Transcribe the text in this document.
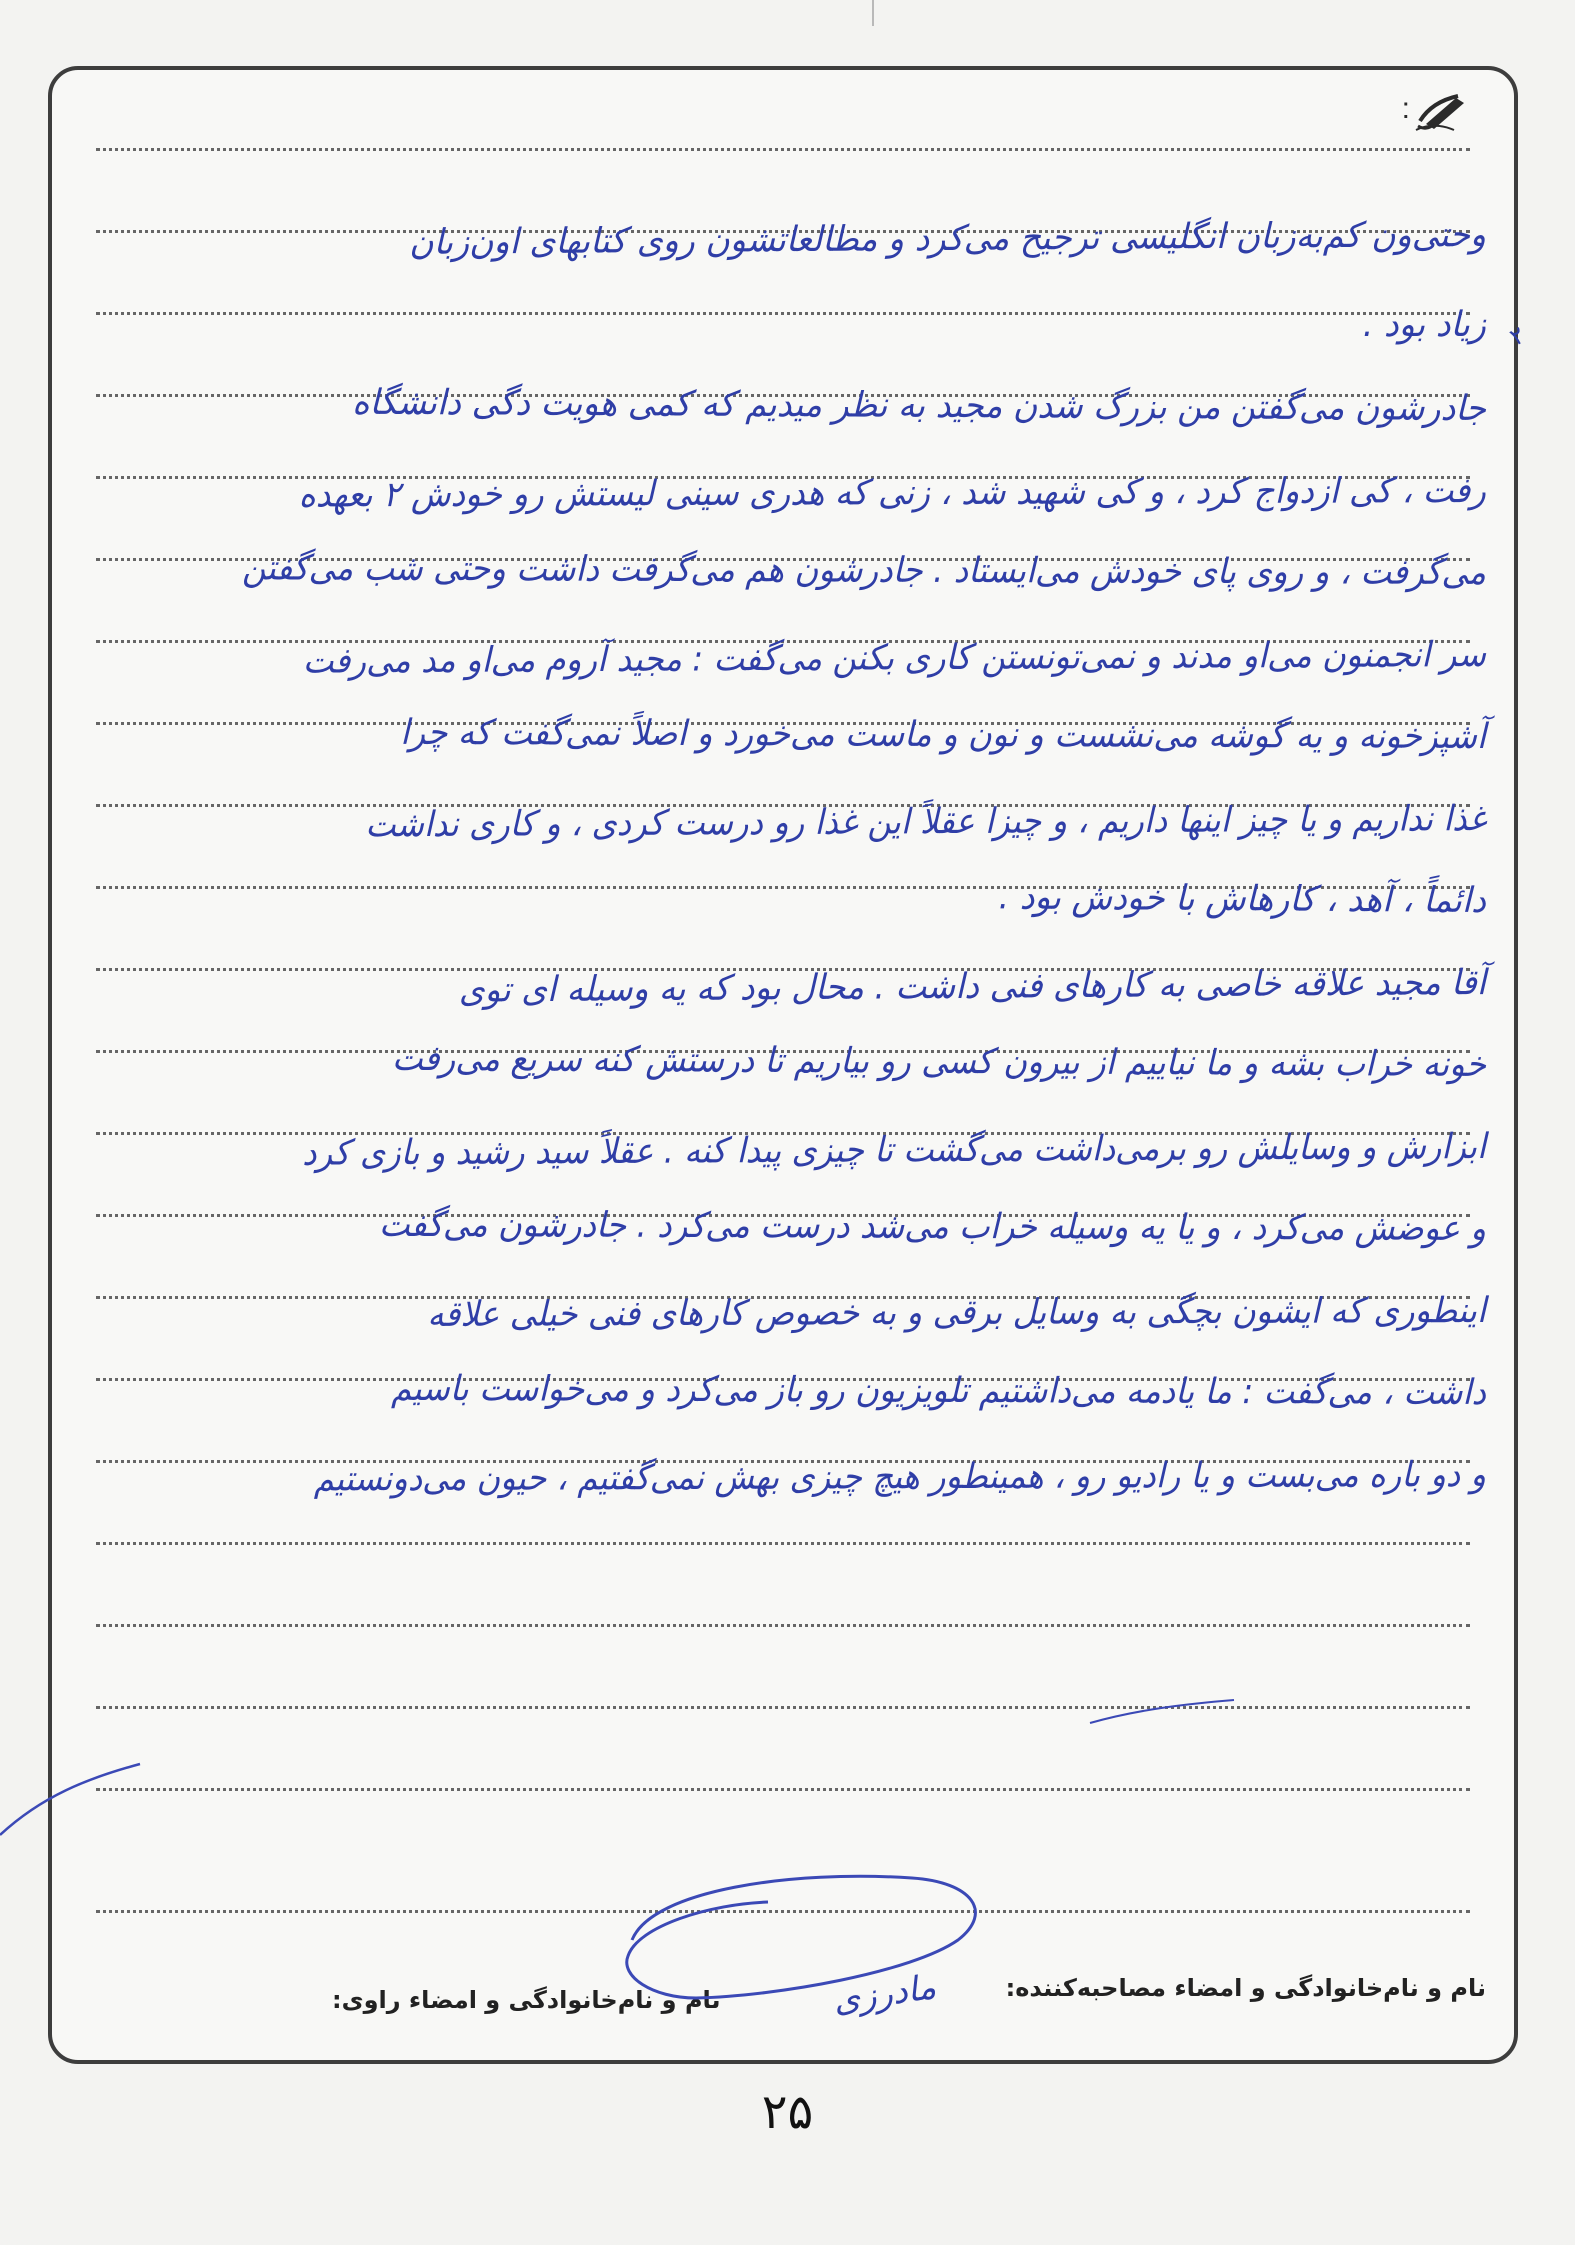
:
۲
وحتی‌ون کم‌به‌زبان انگلیسی ترجیح می‌کرد و مطالعاتشون روی کتابهای اون‌زبان
زیاد بود .
جادرشون می‌گفتن من بزرگ شدن مجید به نظر میدیم که کمی هویت دگی دانشگاه
رفت ، کی ازدواج کرد ، و کی شهید شد ، زنی که هدری سینی لیستش رو خودش ۲ بعهده
می‌گرفت ، و روی پای خودش می‌ایستاد . جادرشون هم می‌گرفت داشت وحتی شب می‌گفتن
سر انجمنون می‌او مدند و نمی‌تونستن کاری بکنن می‌گفت : مجید آروم می‌او مد می‌رفت
آشپزخونه و یه گوشه می‌نشست و نون و ماست می‌خورد و اصلاً نمی‌گفت که چرا
غذا نداریم و یا چیز اینها داریم ، و چیزا عقلاً این غذا رو درست کردی ، و کاری نداشت
دائماً ، آهد ، کارهاش با خودش بود .
آقا مجید علاقه خاصی به کارهای فنی داشت . محال بود که یه وسیله ای توی
خونه خراب بشه و ما نیاییم از بیرون کسی رو بیاریم تا درستش کنه سریع می‌رفت
ابزارش و وسایلش رو برمی‌داشت می‌گشت تا چیزی پیدا کنه . عقلاً سید رشید و بازی کرد
و عوضش می‌کرد ، و یا یه وسیله خراب می‌شد درست می‌کرد . جادرشون می‌گفت
اینطوری که ایشون بچگی به وسایل برقی و به خصوص کارهای فنی خیلی علاقه
داشت ، می‌گفت : ما یادمه می‌داشتیم تلویزیون رو باز می‌کرد و می‌خواست باسیم
و دو باره می‌بست و یا رادیو رو ، همینطور هیچ چیزی بهش نمی‌گفتیم ، حیون می‌دونستیم
نام و نام‌خانوادگی و امضاء مصاحبه‌کننده:
مادرزی
نام و نام‌خانوادگی و امضاء راوی:
۲۵
